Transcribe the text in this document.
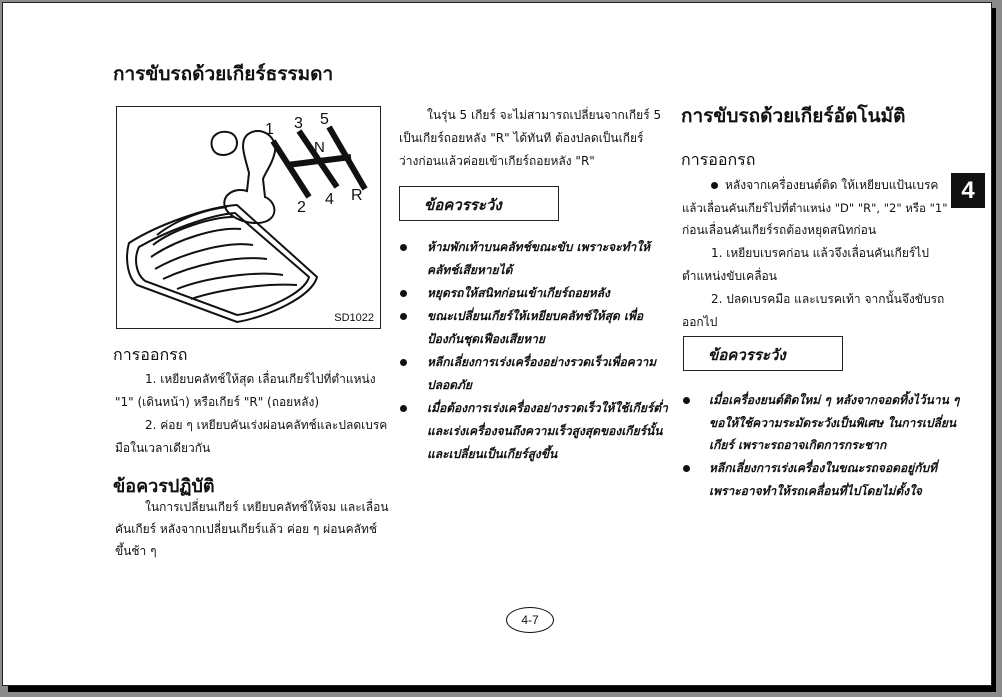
การขับรถด้วยเกียร์ธรรมดา
1 3 5
N
2 4 R
SD1022
การออกรถ
1. เหยียบคลัทช์ให้สุด เลื่อนเกียร์ไปที่ตำแหน่ง
"1" (เดินหน้า) หรือเกียร์ "R" (ถอยหลัง)
2. ค่อย ๆ เหยียบคันเร่งผ่อนคลัทช์และปลดเบรค
มือในเวลาเดียวกัน
ข้อควรปฏิบัติ
ในการเปลี่ยนเกียร์ เหยียบคลัทช์ให้จม และเลื่อน
คันเกียร์ หลังจากเปลี่ยนเกียร์แล้ว ค่อย ๆ ผ่อนคลัทช์
ขึ้นช้า ๆ
ในรุ่น 5 เกียร์ จะไม่สามารถเปลี่ยนจากเกียร์ 5
เป็นเกียร์ถอยหลัง "R" ได้ทันที ต้องปลดเป็นเกียร์
ว่างก่อนแล้วค่อยเข้าเกียร์ถอยหลัง "R"
ข้อควรระวัง
ห้ามพักเท้าบนคลัทช์ขณะขับ เพราะจะทำให้
คลัทช์เสียหายได้
หยุดรถให้สนิทก่อนเข้าเกียร์ถอยหลัง
ขณะเปลี่ยนเกียร์ให้เหยียบคลัทช์ให้สุด เพื่อ
ป้องกันชุดเฟืองเสียหาย
หลีกเลี่ยงการเร่งเครื่องอย่างรวดเร็วเพื่อความ
ปลอดภัย
เมื่อต้องการเร่งเครื่องอย่างรวดเร็วให้ใช้เกียร์ต่ำ
และเร่งเครื่องจนถึงความเร็วสูงสุดของเกียร์นั้น
และเปลี่ยนเป็นเกียร์สูงขึ้น
การขับรถด้วยเกียร์อัตโนมัติ
การออกรถ
หลังจากเครื่องยนต์ติด ให้เหยียบแป้นเบรค
แล้วเลื่อนคันเกียร์ไปที่ตำแหน่ง "D" "R", "2" หรือ "1"
ก่อนเลื่อนคันเกียร์รถต้องหยุดสนิทก่อน
1. เหยียบเบรคก่อน แล้วจึงเลื่อนคันเกียร์ไป
ตำแหน่งขับเคลื่อน
2. ปลดเบรคมือ และเบรคเท้า จากนั้นจึงขับรถ
ออกไป
ข้อควรระวัง
เมื่อเครื่องยนต์ติดใหม่ ๆ หลังจากจอดทิ้งไว้นาน ๆ
ขอให้ใช้ความระมัดระวังเป็นพิเศษ ในการเปลี่ยน
เกียร์ เพราะรถอาจเกิดการกระชาก
หลีกเลี่ยงการเร่งเครื่องในขณะรถจอดอยู่กับที่
เพราะอาจทำให้รถเคลื่อนที่ไปโดยไม่ตั้งใจ
4
4-7
